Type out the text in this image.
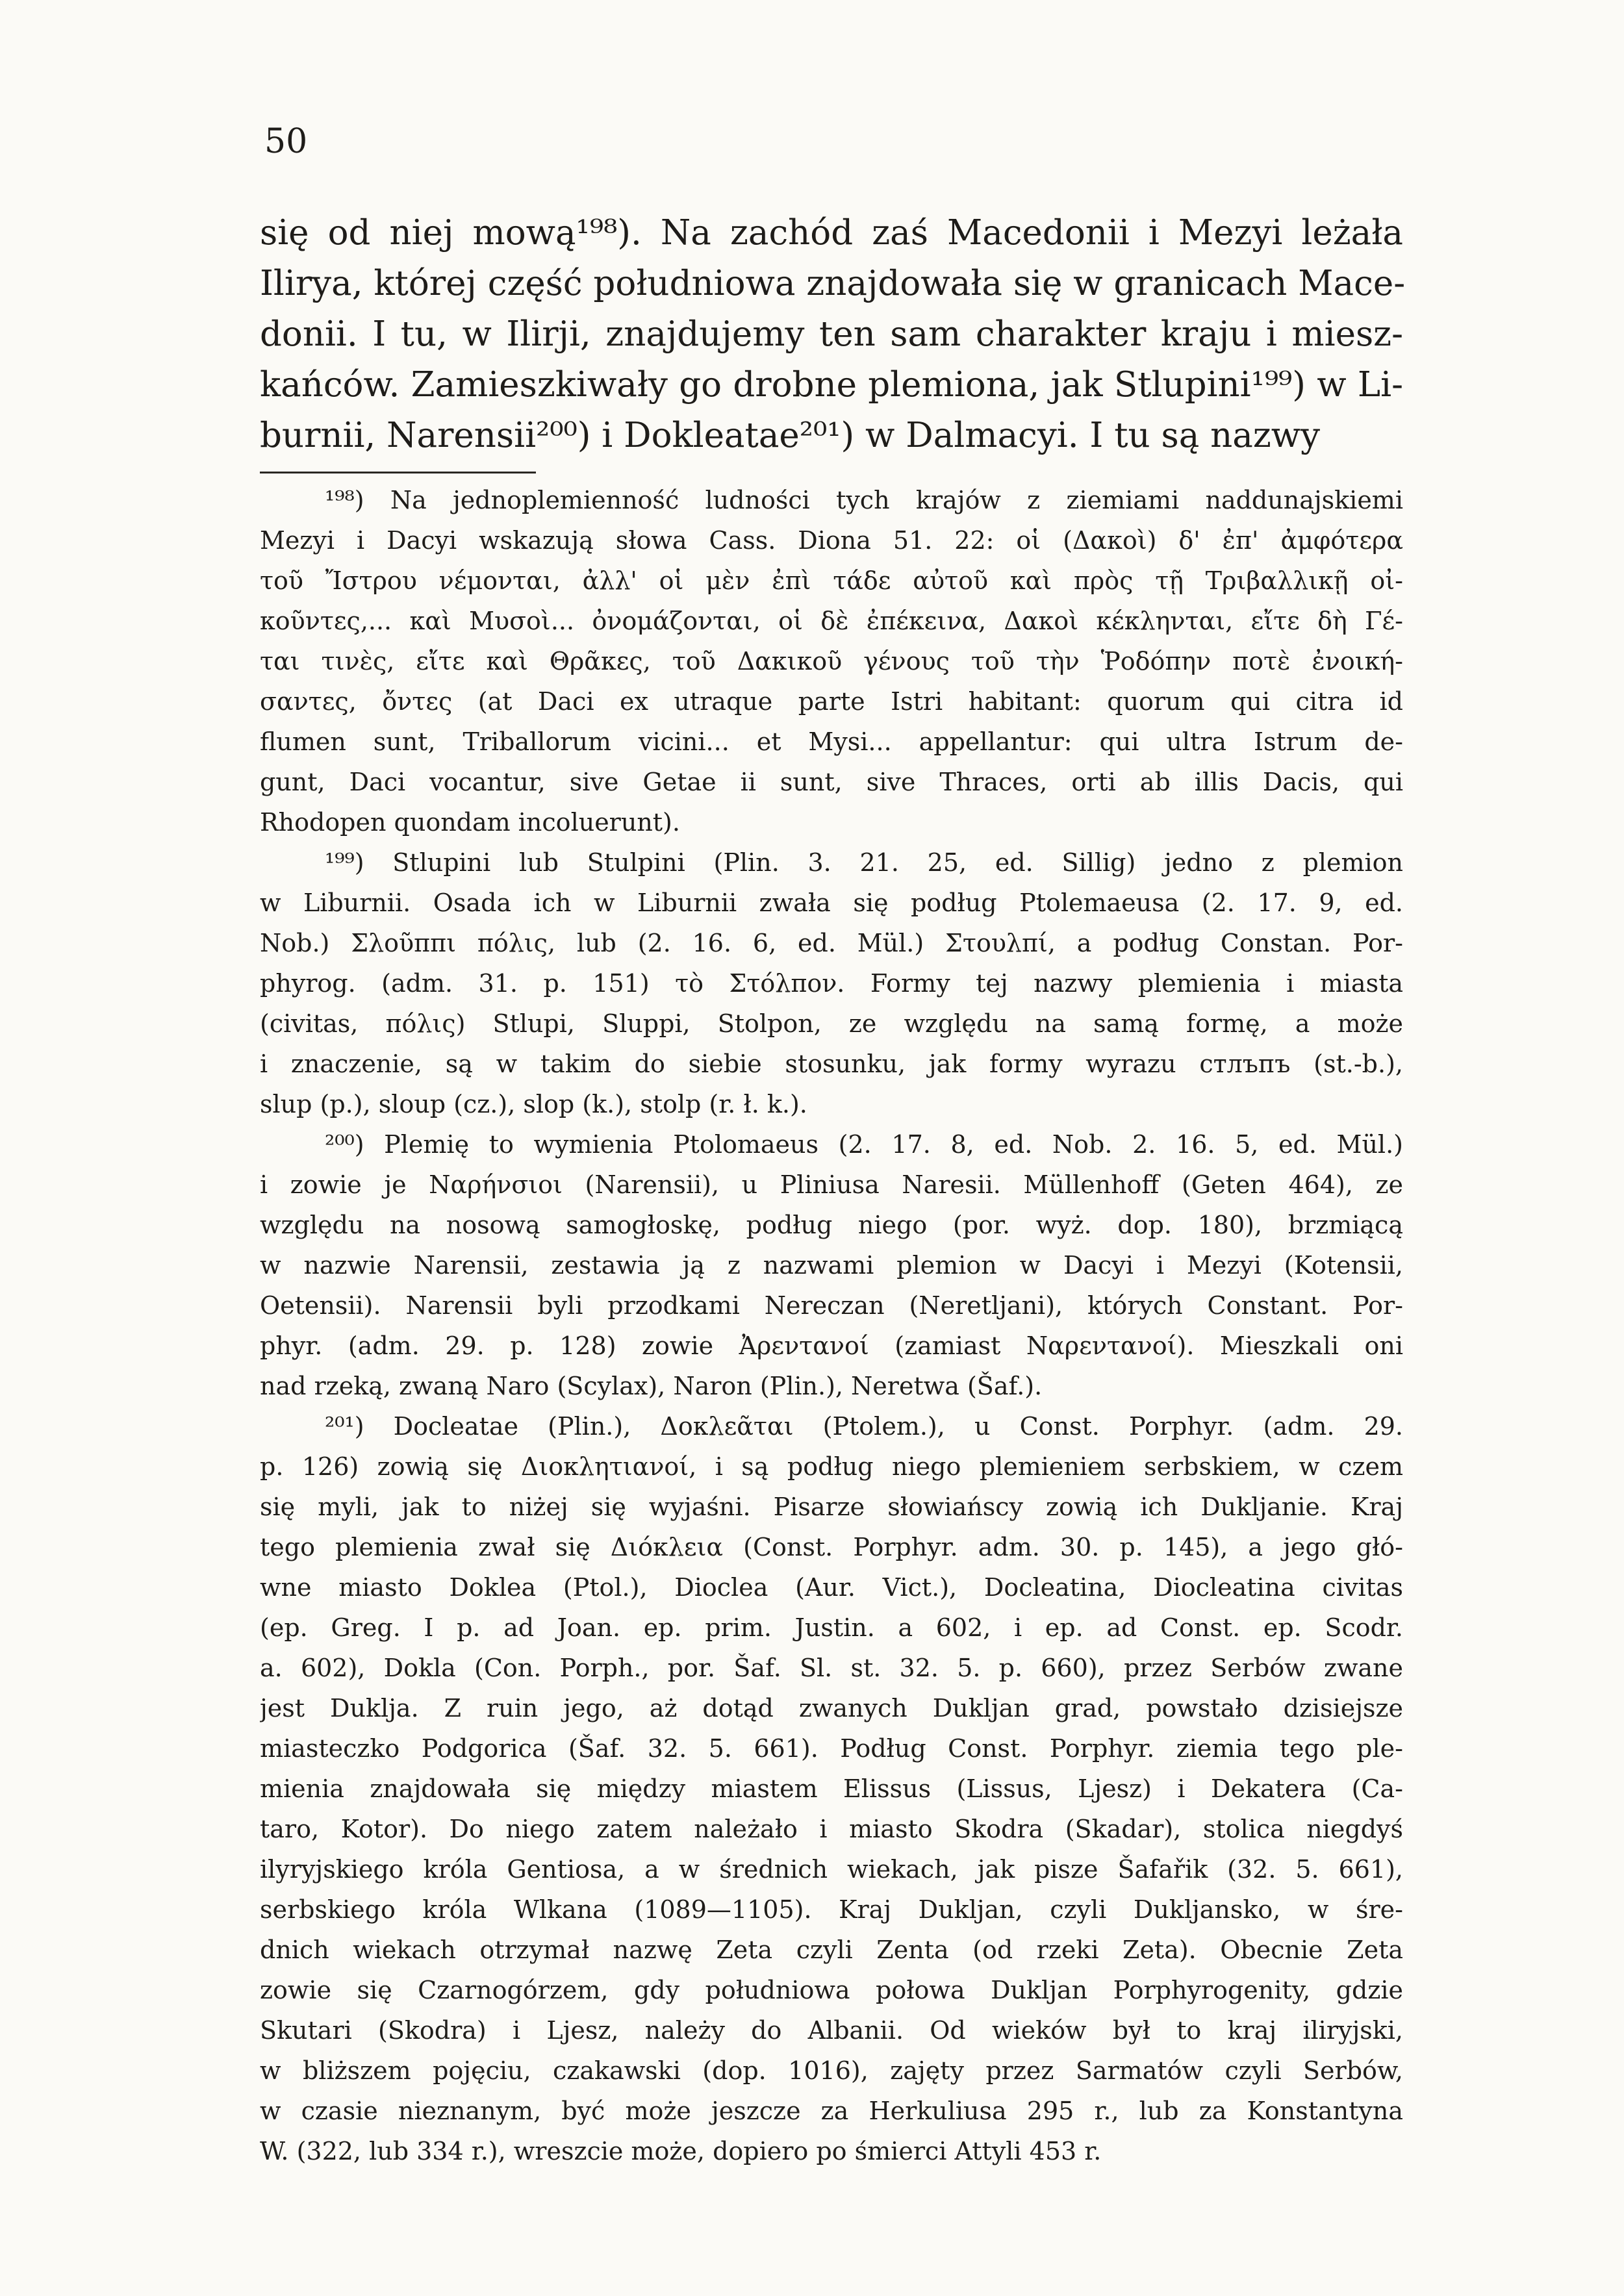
50
się od niej mową¹⁹⁸). Na zachód zaś Macedonii i Mezyi leżała
Ilirya, której część południowa znajdowała się w granicach Mace-
donii. I tu, w Ilirji, znajdujemy ten sam charakter kraju i miesz-
kańców. Zamieszkiwały go drobne plemiona, jak Stlupini¹⁹⁹) w Li-
burnii, Narensii²⁰⁰) i Dokleatae²⁰¹) w Dalmacyi. I tu są nazwy
¹⁹⁸) Na jednoplemienność ludności tych krajów z ziemiami naddunajskiemi
Mezyi i Dacyi wskazują słowa Cass. Diona 51. 22: οἱ (Δακοὶ) δ' ἐπ' ἀμφότερα
τοῦ Ἴστρου νέμονται, ἀλλ' οἱ μὲν ἐπὶ τάδε αὐτοῦ καὶ πρὸς τῇ Τριβαλλικῇ οἰ-
κοῦντες,... καὶ Μυσοὶ... ὀνομάζονται, οἱ δὲ ἐπέκεινα, Δακοὶ κέκληνται, εἴτε δὴ Γέ-
ται τινὲς, εἴτε καὶ Θρᾶκες, τοῦ Δακικοῦ γένους τοῦ τὴν Ῥοδόπην ποτὲ ἐνοική-
σαντες, ὄντες (at Daci ex utraque parte Istri habitant: quorum qui citra id
flumen sunt, Triballorum vicini... et Mysi... appellantur: qui ultra Istrum de-
gunt, Daci vocantur, sive Getae ii sunt, sive Thraces, orti ab illis Dacis, qui
Rhodopen quondam incoluerunt).
¹⁹⁹) Stlupini lub Stulpini (Plin. 3. 21. 25, ed. Sillig) jedno z plemion
w Liburnii. Osada ich w Liburnii zwała się podług Ptolemaeusa (2. 17. 9, ed.
Nob.) Σλοῦππι πόλις, lub (2. 16. 6, ed. Mül.) Στουλπί, a podług Constan. Por-
phyrog. (adm. 31. p. 151) τὸ Στόλπον. Formy tej nazwy plemienia i miasta
(civitas, πόλις) Stlupi, Sluppi, Stolpon, ze względu na samą formę, a może
i znaczenie, są w takim do siebie stosunku, jak formy wyrazu стлъпъ (st.-b.),
slup (p.), sloup (cz.), slop (k.), stolp (r. ł. k.).
²⁰⁰) Plemię to wymienia Ptolomaeus (2. 17. 8, ed. Nob. 2. 16. 5, ed. Mül.)
i zowie je Ναρήνσιοι (Narensii), u Pliniusa Naresii. Müllenhoff (Geten 464), ze
względu na nosową samogłoskę, podług niego (por. wyż. dop. 180), brzmiącą
w nazwie Narensii, zestawia ją z nazwami plemion w Dacyi i Mezyi (Kotensii,
Oetensii). Narensii byli przodkami Nereczan (Neretljani), których Constant. Por-
phyr. (adm. 29. p. 128) zowie Ἀρεντανοί (zamiast Ναρεντανοί). Mieszkali oni
nad rzeką, zwaną Naro (Scylax), Naron (Plin.), Neretwa (Šaf.).
²⁰¹) Docleatae (Plin.), Δοκλεᾶται (Ptolem.), u Const. Porphyr. (adm. 29.
p. 126) zowią się Διοκλητιανοί, i są podług niego plemieniem serbskiem, w czem
się myli, jak to niżej się wyjaśni. Pisarze słowiańscy zowią ich Dukljanie. Kraj
tego plemienia zwał się Διόκλεια (Const. Porphyr. adm. 30. p. 145), a jego głó-
wne miasto Doklea (Ptol.), Dioclea (Aur. Vict.), Docleatina, Diocleatina civitas
(ep. Greg. I p. ad Joan. ep. prim. Justin. a 602, i ep. ad Const. ep. Scodr.
a. 602), Dokla (Con. Porph., por. Šaf. Sl. st. 32. 5. p. 660), przez Serbów zwane
jest Duklja. Z ruin jego, aż dotąd zwanych Dukljan grad, powstało dzisiejsze
miasteczko Podgorica (Šaf. 32. 5. 661). Podług Const. Porphyr. ziemia tego ple-
mienia znajdowała się między miastem Elissus (Lissus, Ljesz) i Dekatera (Ca-
taro, Kotor). Do niego zatem należało i miasto Skodra (Skadar), stolica niegdyś
ilyryjskiego króla Gentiosa, a w średnich wiekach, jak pisze Šafařik (32. 5. 661),
serbskiego króla Wlkana (1089—1105). Kraj Dukljan, czyli Dukljansko, w śre-
dnich wiekach otrzymał nazwę Zeta czyli Zenta (od rzeki Zeta). Obecnie Zeta
zowie się Czarnogórzem, gdy południowa połowa Dukljan Porphyrogenity, gdzie
Skutari (Skodra) i Ljesz, należy do Albanii. Od wieków był to kraj iliryjski,
w bliższem pojęciu, czakawski (dop. 1016), zajęty przez Sarmatów czyli Serbów,
w czasie nieznanym, być może jeszcze za Herkuliusa 295 r., lub za Konstantyna
W. (322, lub 334 r.), wreszcie może, dopiero po śmierci Attyli 453 r.
